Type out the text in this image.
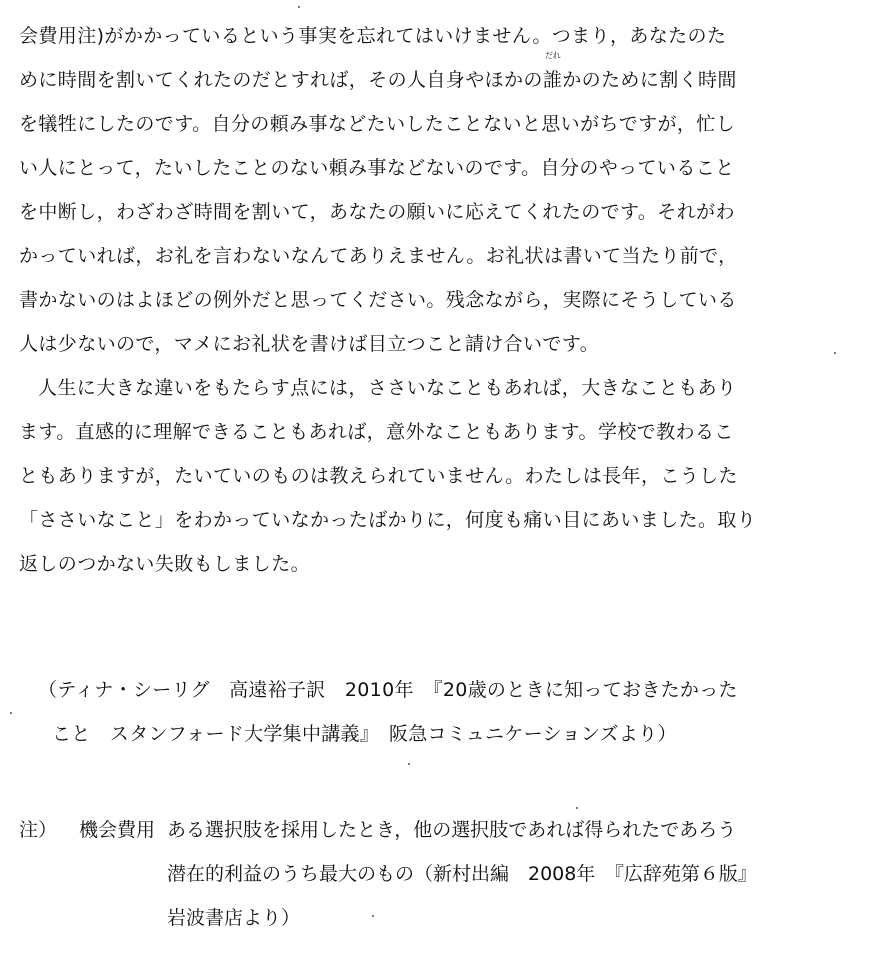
会費用注)がかかっているという事実を忘れてはいけません。つまり，あなたのた
めに時間を割いてくれたのだとすれば，その人自身やほかの
だれ
誰かのために割く時間
を犠牲にしたのです。自分の頼み事などたいしたことないと思いがちですが，忙し
い人にとって，たいしたことのない頼み事などないのです。自分のやっていること
を中断し，わざわざ時間を割いて，あなたの願いに応えてくれたのです。それがわ
かっていれば，お礼を言わないなんてありえません。お礼状は書いて当たり前で，
書かないのはよほどの例外だと思ってください。残念ながら，実際にそうしている
人は少ないので，マメにお礼状を書けば目立つこと請け合いです。
人生に大きな違いをもたらす点には，ささいなこともあれば，大きなこともあり
ます。直感的に理解できることもあれば，意外なこともあります。学校で教わるこ
ともありますが，たいていのものは教えられていません。わたしは長年，こうした
「ささいなこと」をわかっていなかったばかりに，何度も痛い目にあいました。取り
返しのつかない失敗もしました。
（ティナ・シーリグ　高遠裕子訳　2010年　『20歳のときに知っておきたかった
こと　スタンフォード大学集中講義』　阪急コミュニケーションズより）
注）	機会費用 ある選択肢を採用したとき，他の選択肢であれば得られたであろう
潜在的利益のうち最大のもの（新村出編　2008年　『広辞苑第６版』
岩波書店より）
